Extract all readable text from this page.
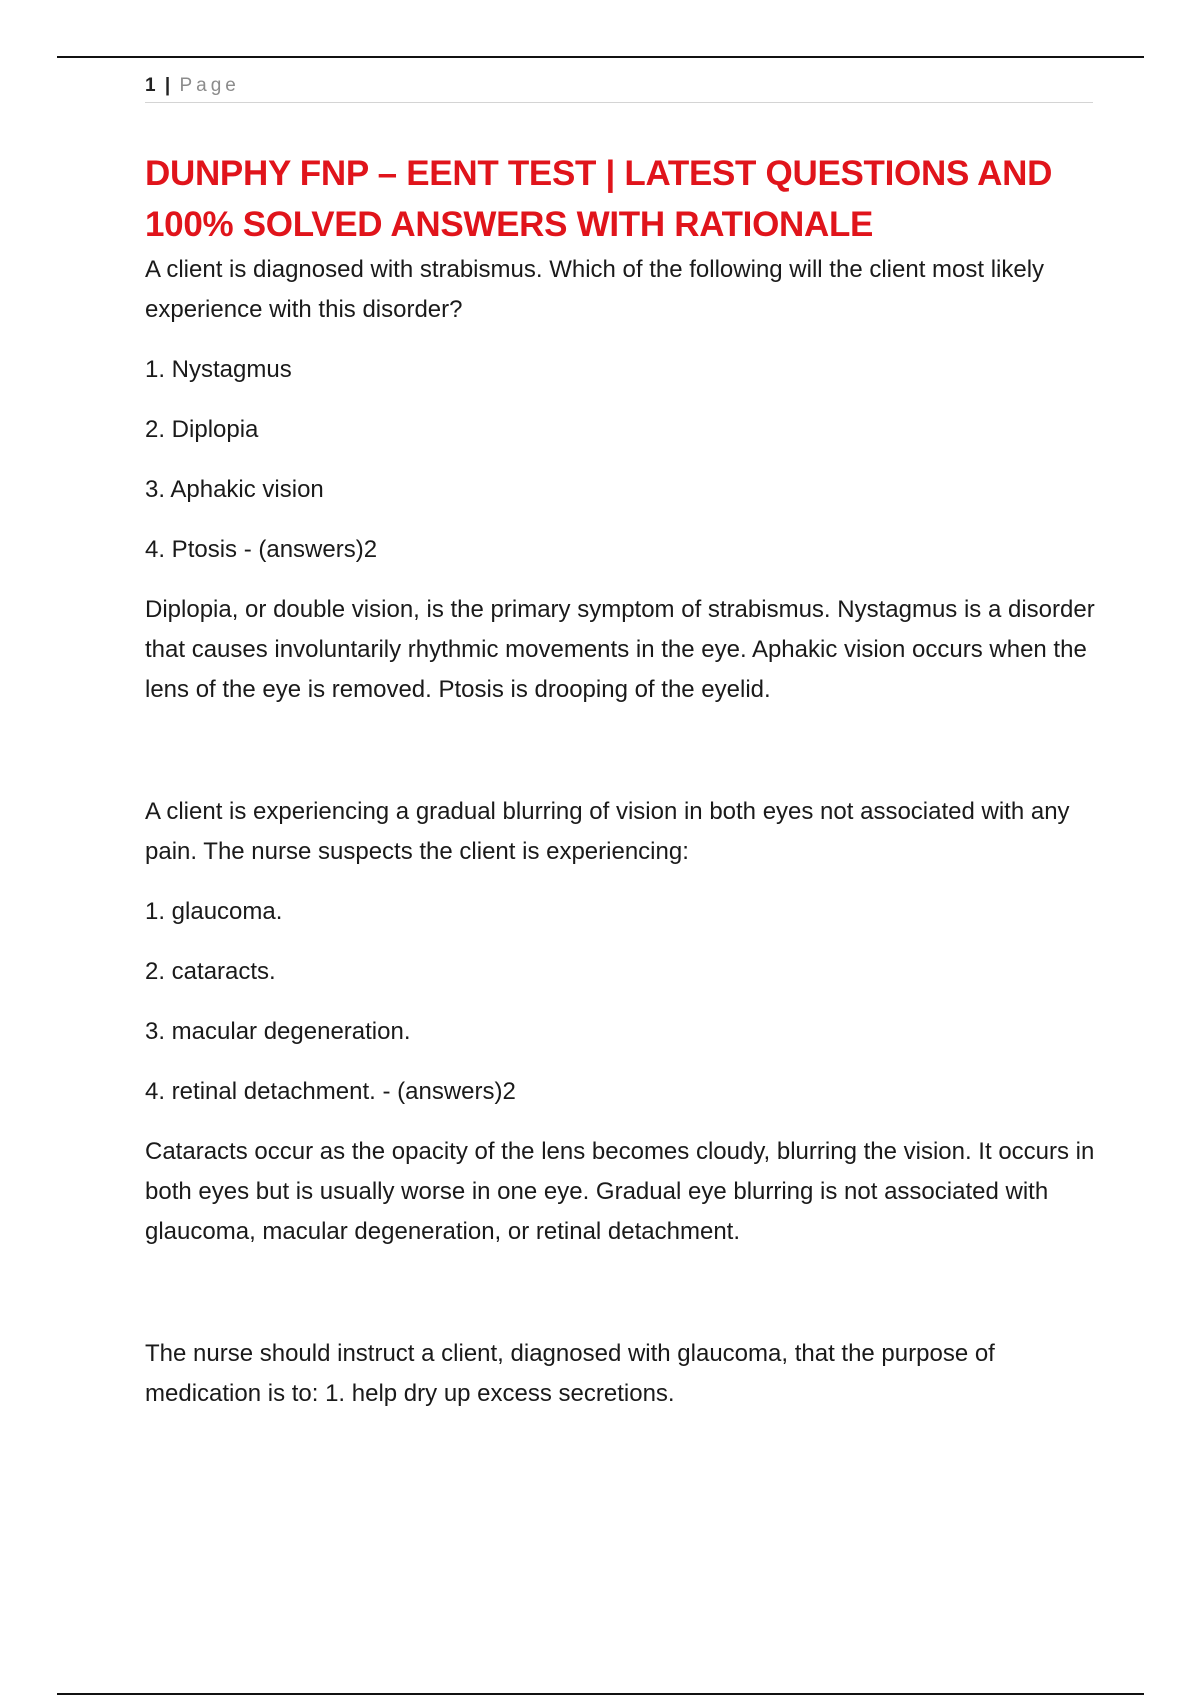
1 | Page
DUNPHY FNP – EENT TEST | LATEST QUESTIONS AND
100% SOLVED ANSWERS WITH RATIONALE

A client is diagnosed with strabismus. Which of the following will the client most likely experience with this disorder?

1. Nystagmus

2. Diplopia

3. Aphakic vision

4. Ptosis - (answers)2

Diplopia, or double vision, is the primary symptom of strabismus. Nystagmus is a disorder that causes involuntarily rhythmic movements in the eye. Aphakic vision occurs when the lens of the eye is removed. Ptosis is drooping of the eyelid.

A client is experiencing a gradual blurring of vision in both eyes not associated with any pain. The nurse suspects the client is experiencing:

1. glaucoma.

2. cataracts.

3. macular degeneration.

4. retinal detachment. - (answers)2

Cataracts occur as the opacity of the lens becomes cloudy, blurring the vision. It occurs in both eyes but is usually worse in one eye. Gradual eye blurring is not associated with glaucoma, macular degeneration, or retinal detachment.

The nurse should instruct a client, diagnosed with glaucoma, that the purpose of medication is to: 1. help dry up excess secretions.
